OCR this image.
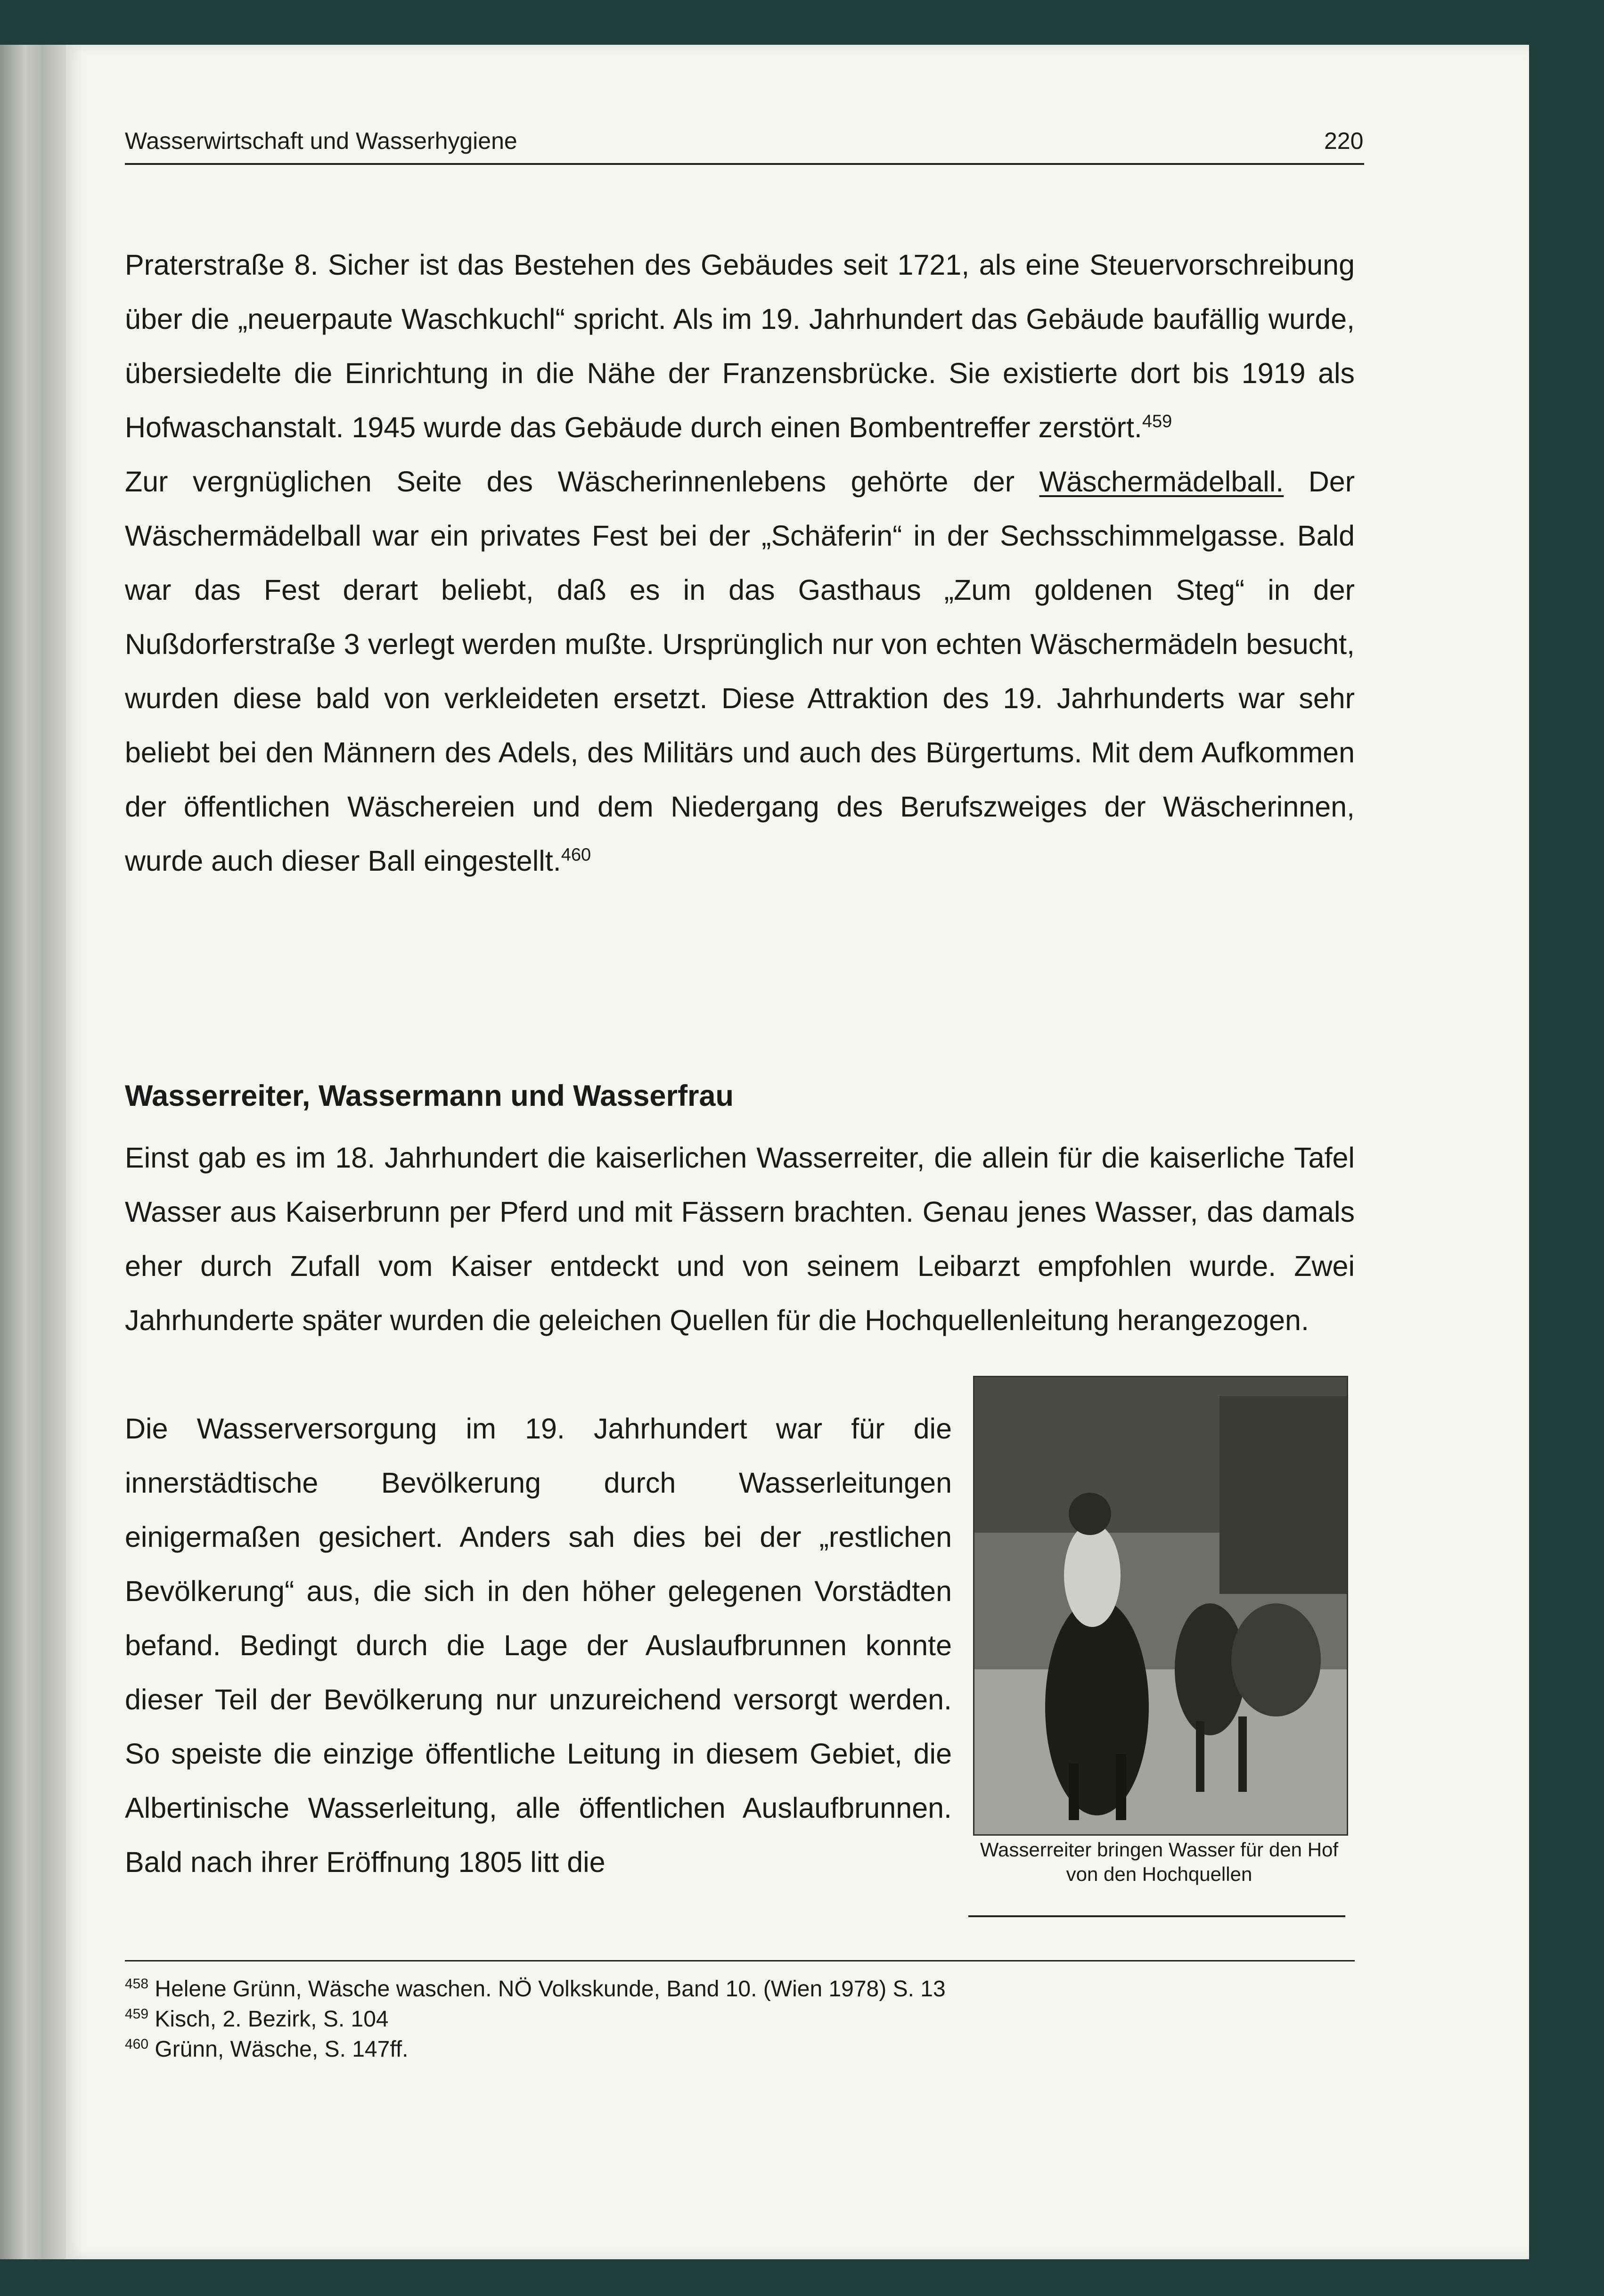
Wasserwirtschaft und Wasserhygiene	220

Praterstraße 8. Sicher ist das Bestehen des Gebäudes seit 1721, als eine Steuervorschreibung über die „neuerpaute Waschkuchl“ spricht. Als im 19. Jahrhundert das Gebäude baufällig wurde, übersiedelte die Einrichtung in die Nähe der Franzensbrücke. Sie existierte dort bis 1919 als Hofwaschanstalt. 1945 wurde das Gebäude durch einen Bombentreffer zerstört.$^{459}$

Zur vergnüglichen Seite des Wäscherinnenlebens gehörte der Wäschermädelball. Der Wäschermädelball war ein privates Fest bei der „Schäferin“ in der Sechsschimmelgasse. Bald war das Fest derart beliebt, daß es in das Gasthaus „Zum goldenen Steg“ in der Nußdorferstraße 3 verlegt werden mußte. Ursprünglich nur von echten Wäschermädeln besucht, wurden diese bald von verkleideten ersetzt. Diese Attraktion des 19. Jahrhunderts war sehr beliebt bei den Männern des Adels, des Militärs und auch des Bürgertums. Mit dem Aufkommen der öffentlichen Wäschereien und dem Niedergang des Berufszweiges der Wäscherinnen, wurde auch dieser Ball eingestellt.$^{460}$

Wasserreiter, Wassermann und Wasserfrau

Einst gab es im 18. Jahrhundert die kaiserlichen Wasserreiter, die allein für die kaiserliche Tafel Wasser aus Kaiserbrunn per Pferd und mit Fässern brachten. Genau jenes Wasser, das damals eher durch Zufall vom Kaiser entdeckt und von seinem Leibarzt empfohlen wurde. Zwei Jahrhunderte später wurden die geleichen Quellen für die Hochquellenleitung herangezogen.

Die Wasserversorgung im 19. Jahrhundert war für die innerstädtische Bevölkerung durch Wasserleitungen einigermaßen gesichert. Anders sah dies bei der „restlichen Bevölkerung“ aus, die sich in den höher gelegenen Vorstädten befand. Bedingt durch die Lage der Auslaufbrunnen konnte dieser Teil der Bevölkerung nur unzureichend versorgt werden. So speiste die einzige öffentliche Leitung in diesem Gebiet, die Albertinische Wasserleitung, alle öffentlichen Auslaufbrunnen. Bald nach ihrer Eröffnung 1805 litt die	Wasserreiter bringen Wasser für den Hof von den Hochquellen
$^{458}$ Helene Grünn, Wäsche waschen. NÖ Volkskunde, Band 10. (Wien 1978) S. 13
$^{459}$ Kisch, 2. Bezirk, S. 104
$^{460}$ Grünn, Wäsche, S. 147ff.
